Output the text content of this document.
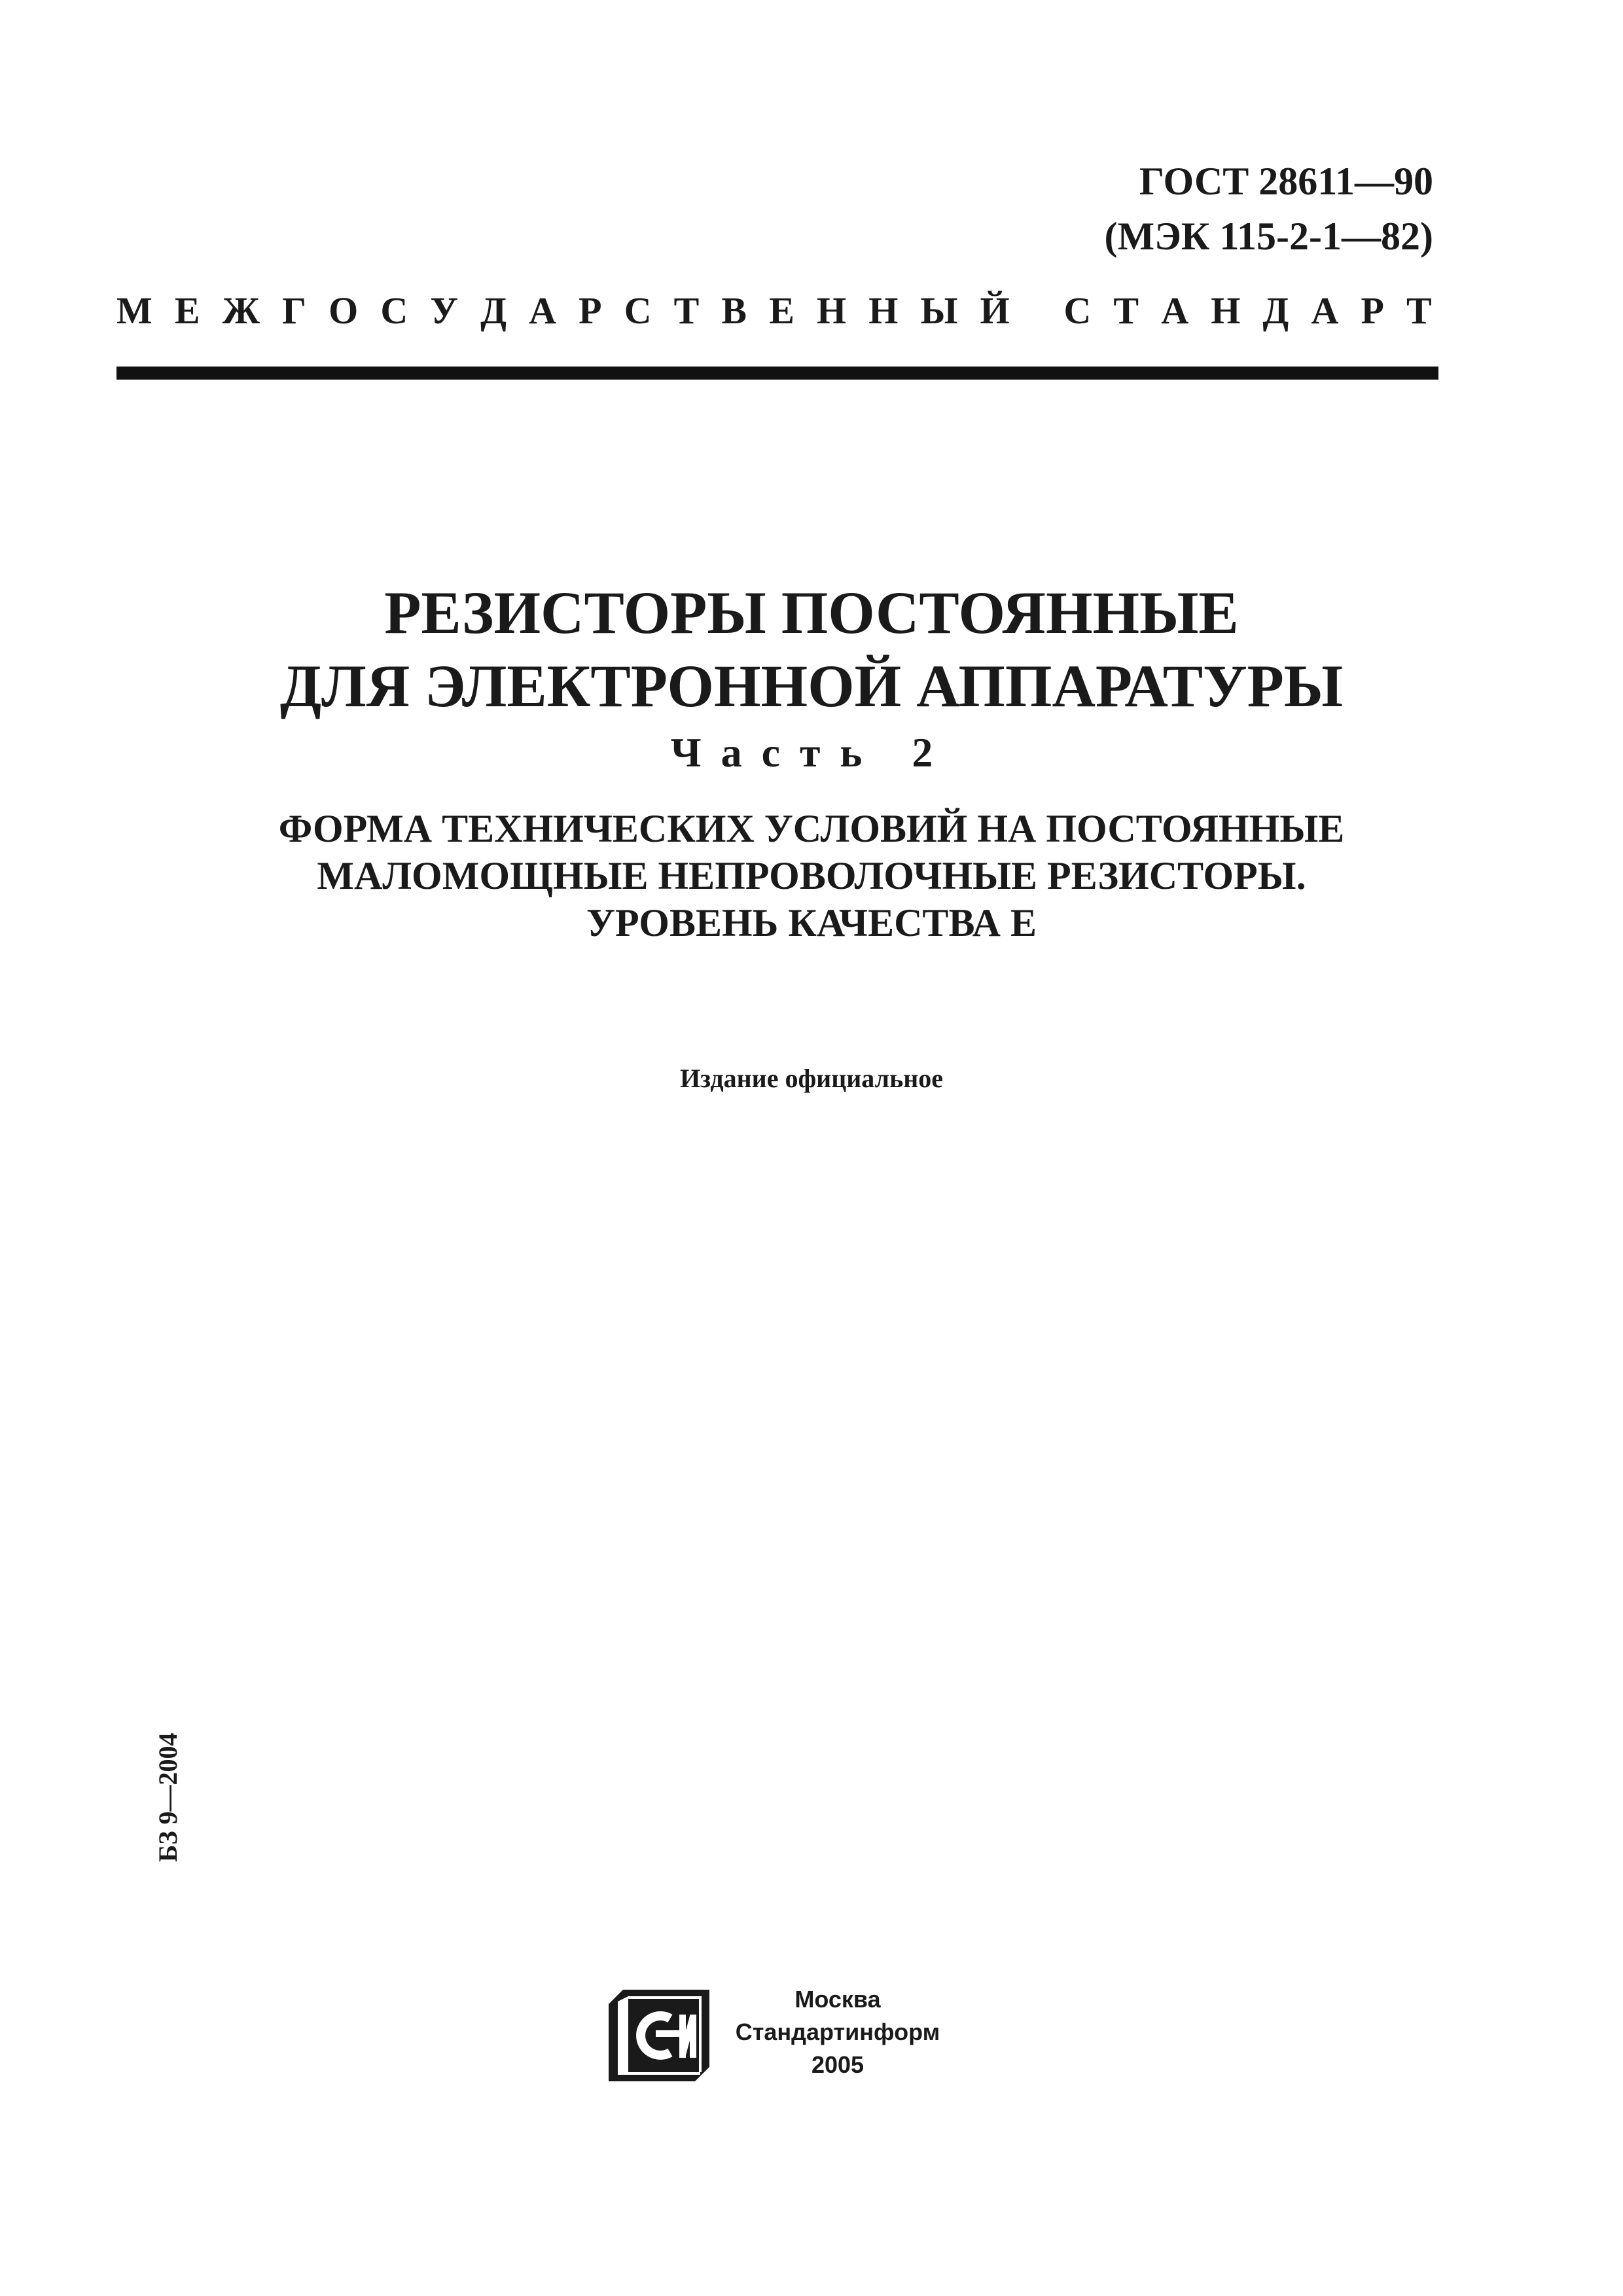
ГОСТ 28611—90
(МЭК 115-2-1—82)
М Е Ж Г О С У Д А Р С Т В Е Н Н Ы Й
С Т А Н Д А Р Т
РЕЗИСТОРЫ ПОСТОЯННЫЕ
ДЛЯ ЭЛЕКТРОННОЙ АППАРАТУРЫ
Часть 2
ФОРМА ТЕХНИЧЕСКИХ УСЛОВИЙ НА ПОСТОЯННЫЕ
МАЛОМОЩНЫЕ НЕПРОВОЛОЧНЫЕ РЕЗИСТОРЫ.
УРОВЕНЬ КАЧЕСТВА Е
Издание официальное
БЗ 9—2004
Москва
Стандартинформ
2005
